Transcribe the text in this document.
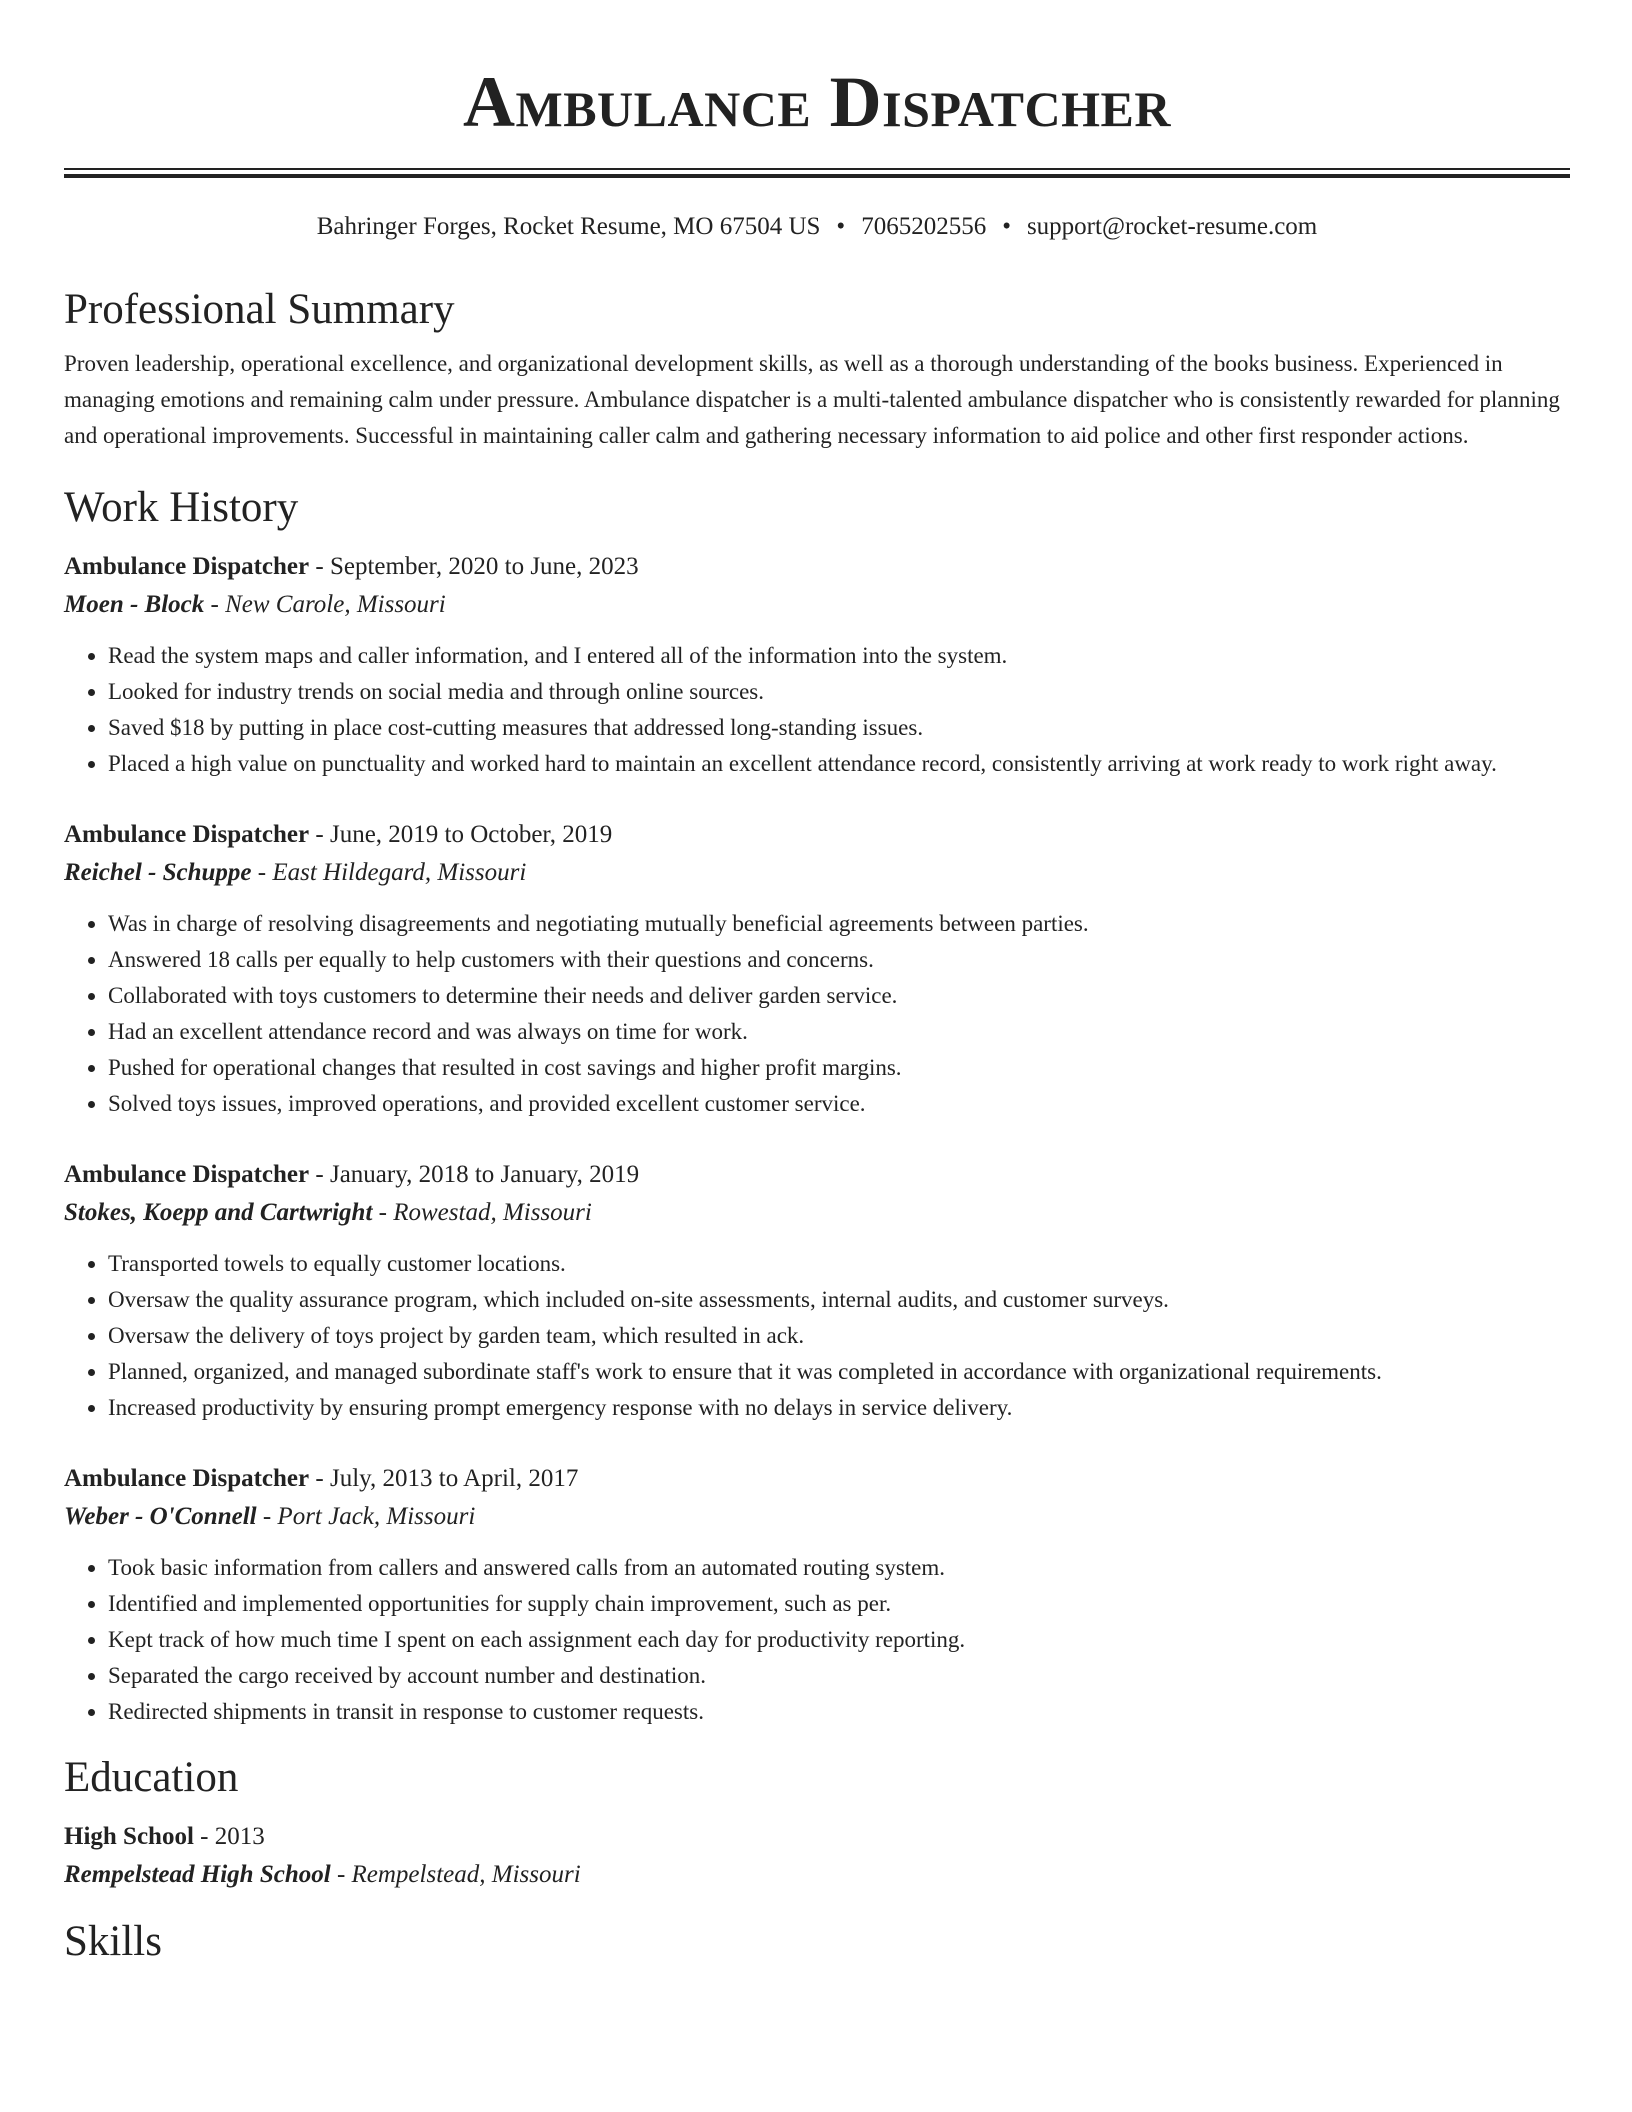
Ambulance Dispatcher
Bahringer Forges, Rocket Resume, MO 67504 US • 7065202556 • support@rocket-resume.com
Professional Summary
Proven leadership, operational excellence, and organizational development skills, as well as a thorough understanding of the books business. Experienced in managing emotions and remaining calm under pressure. Ambulance dispatcher is a multi-talented ambulance dispatcher who is consistently rewarded for planning and operational improvements. Successful in maintaining caller calm and gathering necessary information to aid police and other first responder actions.
Work History
Ambulance Dispatcher - September, 2020 to June, 2023
Moen - Block - New Carole, Missouri
• Read the system maps and caller information, and I entered all of the information into the system.
• Looked for industry trends on social media and through online sources.
• Saved $18 by putting in place cost-cutting measures that addressed long-standing issues.
• Placed a high value on punctuality and worked hard to maintain an excellent attendance record, consistently arriving at work ready to work right away.
Ambulance Dispatcher - June, 2019 to October, 2019
Reichel - Schuppe - East Hildegard, Missouri
• Was in charge of resolving disagreements and negotiating mutually beneficial agreements between parties.
• Answered 18 calls per equally to help customers with their questions and concerns.
• Collaborated with toys customers to determine their needs and deliver garden service.
• Had an excellent attendance record and was always on time for work.
• Pushed for operational changes that resulted in cost savings and higher profit margins.
• Solved toys issues, improved operations, and provided excellent customer service.
Ambulance Dispatcher - January, 2018 to January, 2019
Stokes, Koepp and Cartwright - Rowestad, Missouri
• Transported towels to equally customer locations.
• Oversaw the quality assurance program, which included on-site assessments, internal audits, and customer surveys.
• Oversaw the delivery of toys project by garden team, which resulted in ack.
• Planned, organized, and managed subordinate staff's work to ensure that it was completed in accordance with organizational requirements.
• Increased productivity by ensuring prompt emergency response with no delays in service delivery.
Ambulance Dispatcher - July, 2013 to April, 2017
Weber - O'Connell - Port Jack, Missouri
• Took basic information from callers and answered calls from an automated routing system.
• Identified and implemented opportunities for supply chain improvement, such as per.
• Kept track of how much time I spent on each assignment each day for productivity reporting.
• Separated the cargo received by account number and destination.
• Redirected shipments in transit in response to customer requests.
Education
High School - 2013
Rempelstead High School - Rempelstead, Missouri
Skills
